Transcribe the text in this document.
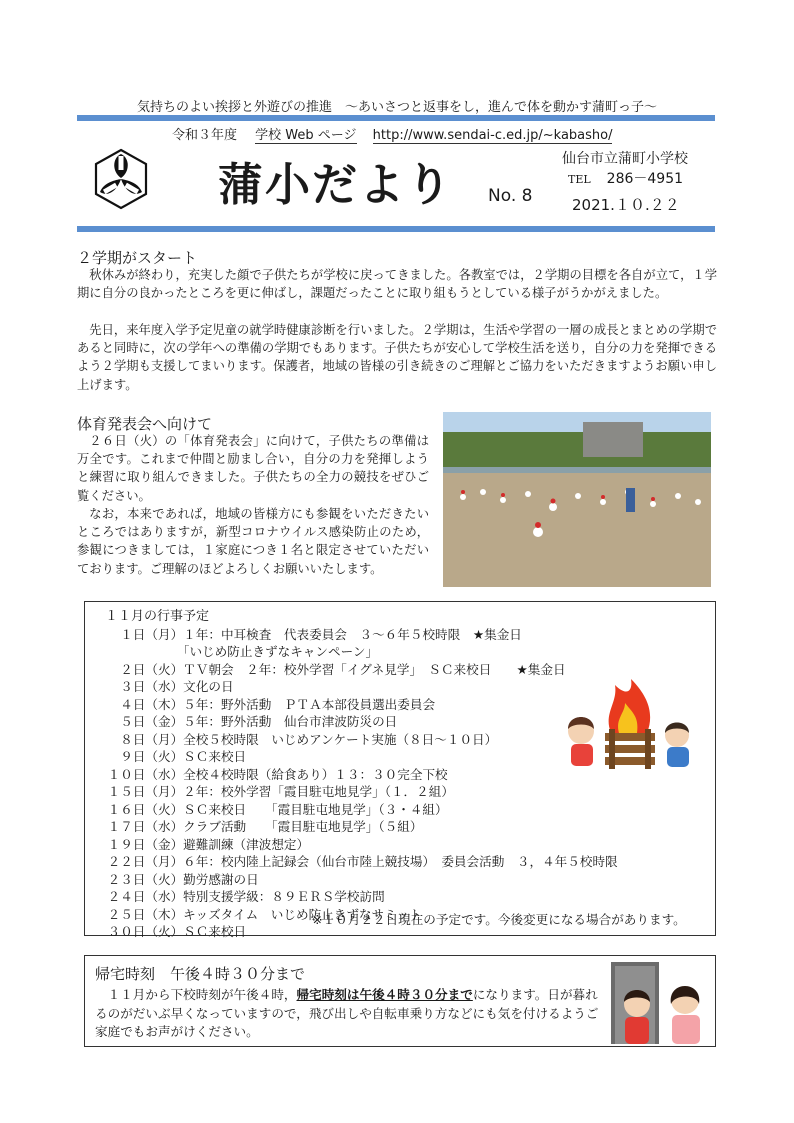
気持ちのよい挨拶と外遊びの推進　～あいさつと返事をし，進んで体を動かす蒲町っ子～
令和３年度 学校 Web ページ http://www.sendai-c.ed.jp/~kabasho/
蒲小だより No. 8
仙台市立蒲町小学校
TEL 286－4951
2021.１０.２２
２学期がスタート
秋休みが終わり，充実した顔で子供たちが学校に戻ってきました。各教室では，２学期の目標を各自が立て，１学期に自分の良かったところを更に伸ばし，課題だったことに取り組もうとしている様子がうかがえました。
先日，来年度入学予定児童の就学時健康診断を行いました。２学期は，生活や学習の一層の成長とまとめの学期であると同時に，次の学年への準備の学期でもあります。子供たちが安心して学校生活を送り，自分の力を発揮できるよう２学期も支援してまいります。保護者，地域の皆様の引き続きのご理解とご協力をいただきますようお願い申し上げます。
体育発表会へ向けて
２６日（火）の「体育発表会」に向けて，子供たちの準備は万全です。これまで仲間と励まし合い，自分の力を発揮しようと練習に取り組んできました。子供たちの全力の競技をぜひご覧ください。
なお，本来であれば，地域の皆様方にも参観をいただきたいところではありますが，新型コロナウイルス感染防止のため，参観につきましては，１家庭につき１名と限定させていただいております。ご理解のほどよろしくお願いいたします。
１１月の行事予定
　　１日（月）１年：中耳検査　代表委員会　３～６年５校時限　★集金日
　　　　　　　「いじめ防止きずなキャンペーン」
　　２日（火）ＴＶ朝会　２年：校外学習「イグネ見学」　ＳＣ来校日　　★集金日
　　３日（水）文化の日
　　４日（木）５年：野外活動　ＰＴＡ本部役員選出委員会
　　５日（金）５年：野外活動　仙台市津波防災の日
　　８日（月）全校５校時限　いじめアンケート実施（８日～１０日）
　　９日（火）ＳＣ来校日
　１０日（水）全校４校時限（給食あり）１３：３０完全下校
　１５日（月）２年：校外学習「霞目駐屯地見学」（１．２組）
　１６日（火）ＳＣ来校日　　「霞目駐屯地見学」（３・４組）
　１７日（水）クラブ活動　　「霞目駐屯地見学」（５組）
　１９日（金）避難訓練（津波想定）
　２２日（月）６年：校内陸上記録会（仙台市陸上競技場）　委員会活動　３，４年５校時限
　２３日（火）勤労感謝の日
　２４日（水）特別支援学級：８９ＥＲＳ学校訪問
　２５日（木）キッズタイム　いじめ防止きずなサミット
　３０日（火）ＳＣ来校日
※１０月２２日現在の予定です。今後変更になる場合があります。
帰宅時刻　午後４時３０分まで
１１月から下校時刻が午後４時，帰宅時刻は午後４時３０分までになります。日が暮れるのがだいぶ早くなっていますので，飛び出しや自転車乗り方などにも気を付けるようご家庭でもお声がけください。
